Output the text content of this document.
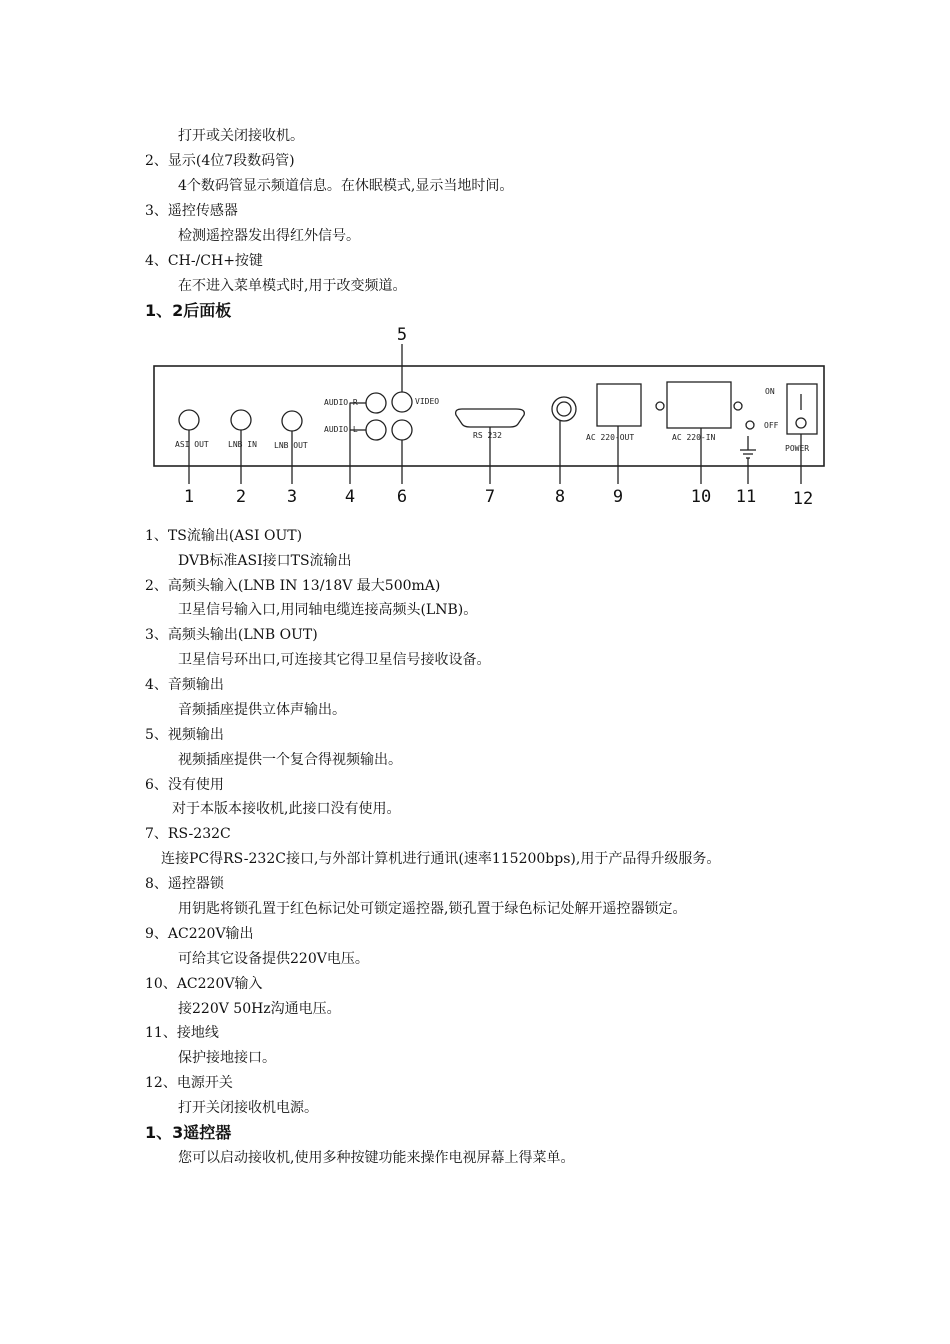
打开或关闭接收机。
2、显示(4位7段数码管)
4个数码管显示频道信息。在休眠模式,显示当地时间。
3、遥控传感器
检测遥控器发出得红外信号。
4、CH-/CH+按键
在不进入菜单模式时,用于改变频道。
1、2后面板
ASI OUT LNB IN LNB OUT
AUDIO-R
AUDIO-L
VIDEO
RS 232	AC 220-OUT	AC 220-IN
ON
OFF
POWER
1 2 3	4
5
6	7	8	9	10 11 12
1、TS流输出(ASI OUT)
DVB标准ASI接口TS流输出
2、高频头输入(LNB IN 13/18V 最大500mA)
卫星信号输入口,用同轴电缆连接高频头(LNB)。
3、高频头输出(LNB OUT)
卫星信号环出口,可连接其它得卫星信号接收设备。
4、音频输出
音频插座提供立体声输出。
5、视频输出
视频插座提供一个复合得视频输出。
6、没有使用
对于本版本接收机,此接口没有使用。
7、RS-232C
连接PC得RS-232C接口,与外部计算机进行通讯(速率115200bps),用于产品得升级服务。
8、遥控器锁
用钥匙将锁孔置于红色标记处可锁定遥控器,锁孔置于绿色标记处解开遥控器锁定。
9、AC220V输出
可给其它设备提供220V电压。
10、AC220V输入
接220V 50Hz沟通电压。
11、接地线
保护接地接口。
12、电源开关
打开关闭接收机电源。
1、3遥控器
您可以启动接收机,使用多种按键功能来操作电视屏幕上得菜单。
